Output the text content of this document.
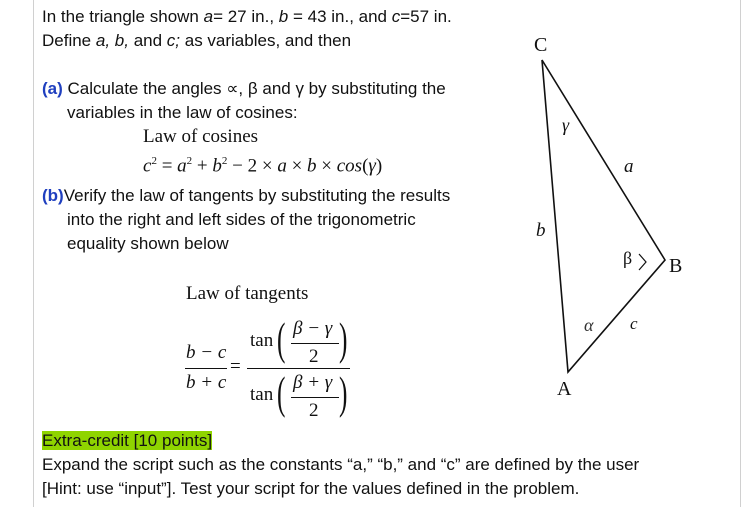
In the triangle shown a= 27 in., b = 43 in., and c=57 in.
Define a, b, and c; as variables, and then
(a) Calculate the angles ∝, β and γ by substituting the
variables in the law of cosines:
Law of cosines
$c^2 = a^2 + b^2 - 2 \times a \times b \times \cos(\gamma)$
(b)Verify the law of tangents by substituting the results
into the right and left sides of the trigonometric
equality shown below
Law of tangents
b − c
b + c
=
tan ( β − γ
2 )
tan ( β + γ
2 )
Extra-credit [10 points]
Expand the script such as the constants “a,” “b,” and “c” are defined by the user
[Hint: use “input”]. Test your script for the values defined in the problem.
C
A
B
b
a
c
γ
α
β
